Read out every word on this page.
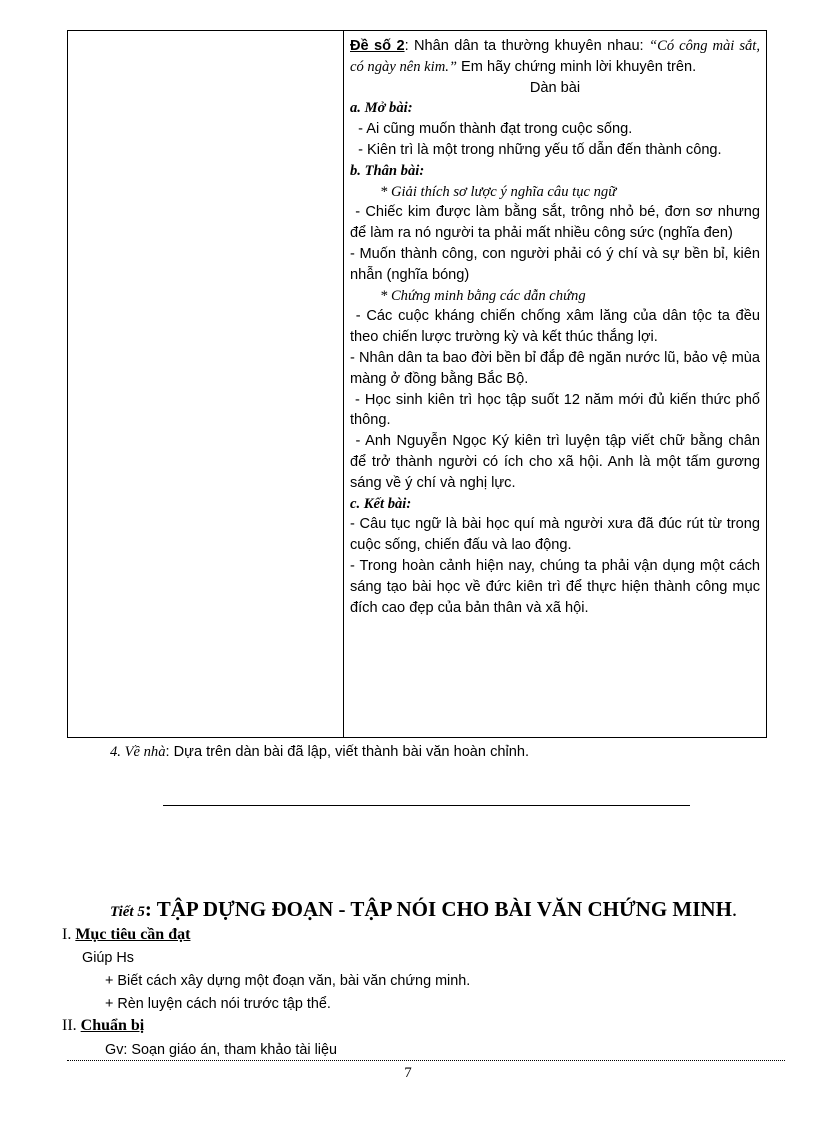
Đề số 2: Nhân dân ta thường khuyên nhau: “Có công mài sắt, có ngày nên kim.” Em hãy chứng minh lời khuyên trên.

Dàn bài

a. Mở bài:

- Ai cũng muốn thành đạt trong cuộc sống.

- Kiên trì là một trong những yếu tố dẫn đến thành công.

b. Thân bài:

* Giải thích sơ lược ý nghĩa câu tục ngữ

- Chiếc kim được làm bằng sắt, trông nhỏ bé, đơn sơ nhưng để làm ra nó người ta phải mất nhiều công sức (nghĩa đen)

- Muốn thành công, con người phải có ý chí và sự bền bỉ, kiên nhẫn (nghĩa bóng)

* Chứng minh bằng các dẫn chứng

- Các cuộc kháng chiến chống xâm lăng của dân tộc ta đều theo chiến lược trường kỳ và kết thúc thắng lợi.

- Nhân dân ta bao đời bền bỉ đắp đê ngăn nước lũ, bảo vệ mùa màng ở đồng bằng Bắc Bộ.

- Học sinh kiên trì học tập suốt 12 năm mới đủ kiến thức phổ thông.

- Anh Nguyễn Ngọc Ký kiên trì luyện tập viết chữ bằng chân để trở thành người có ích cho xã hội. Anh là một tấm gương sáng về ý chí và nghị lực.

c. Kết bài:

- Câu tục ngữ là bài học quí mà người xưa đã đúc rút từ trong cuộc sống, chiến đấu và lao động.

- Trong hoàn cảnh hiện nay, chúng ta phải vận dụng một cách sáng tạo bài học về đức kiên trì để thực hiện thành công mục đích cao đẹp của bản thân và xã hội.

4. Về nhà: Dựa trên dàn bài đã lập, viết thành bài văn hoàn chỉnh.
Tiết 5: TẬP DỰNG ĐOẠN - TẬP NÓI CHO BÀI VĂN CHỨNG MINH.
I. Mục tiêu cần đạt
Giúp Hs
+ Biết cách xây dựng một đoạn văn, bài văn chứng minh.
+ Rèn luyện cách nói trước tập thể.
II. Chuẩn bị
Gv: Soạn giáo án, tham khảo tài liệu
7
